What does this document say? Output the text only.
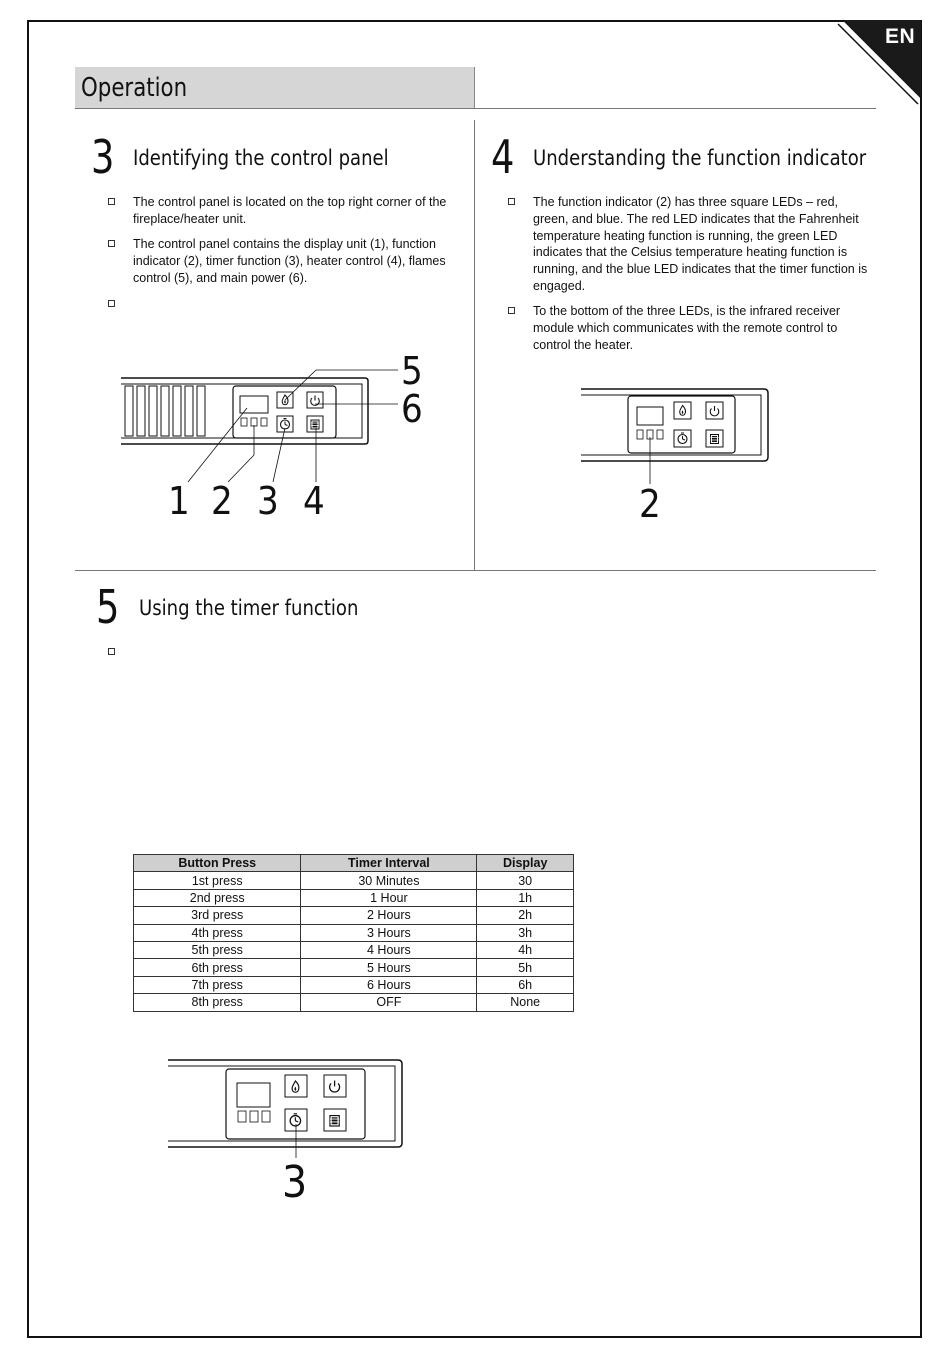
EN
Operation
3 Identifying the control panel
The control panel is located on the top right corner of the fireplace/heater unit.
The control panel contains the display unit (1), function indicator (2), timer function (3), heater control (4), flames control (5), and main power (6).
4 Understanding the function indicator
The function indicator (2) has three square LEDs – red, green, and blue. The red LED indicates that the Fahrenheit temperature heating function is running, the green LED indicates that the Celsius temperature heating function is running, and the blue LED indicates that the timer function is engaged.
To the bottom of the three LEDs, is the infrared receiver module which communicates with the remote control to control the heater.
5 Using the timer function
1 2 3 4
5
6
2
3
Button Press	Timer Interval	Display
1st press	30 Minutes	30
2nd press	1 Hour	1h
3rd press	2 Hours	2h
4th press	3 Hours	3h
5th press	4 Hours	4h
6th press	5 Hours	5h
7th press	6 Hours	6h
8th press	OFF	None
